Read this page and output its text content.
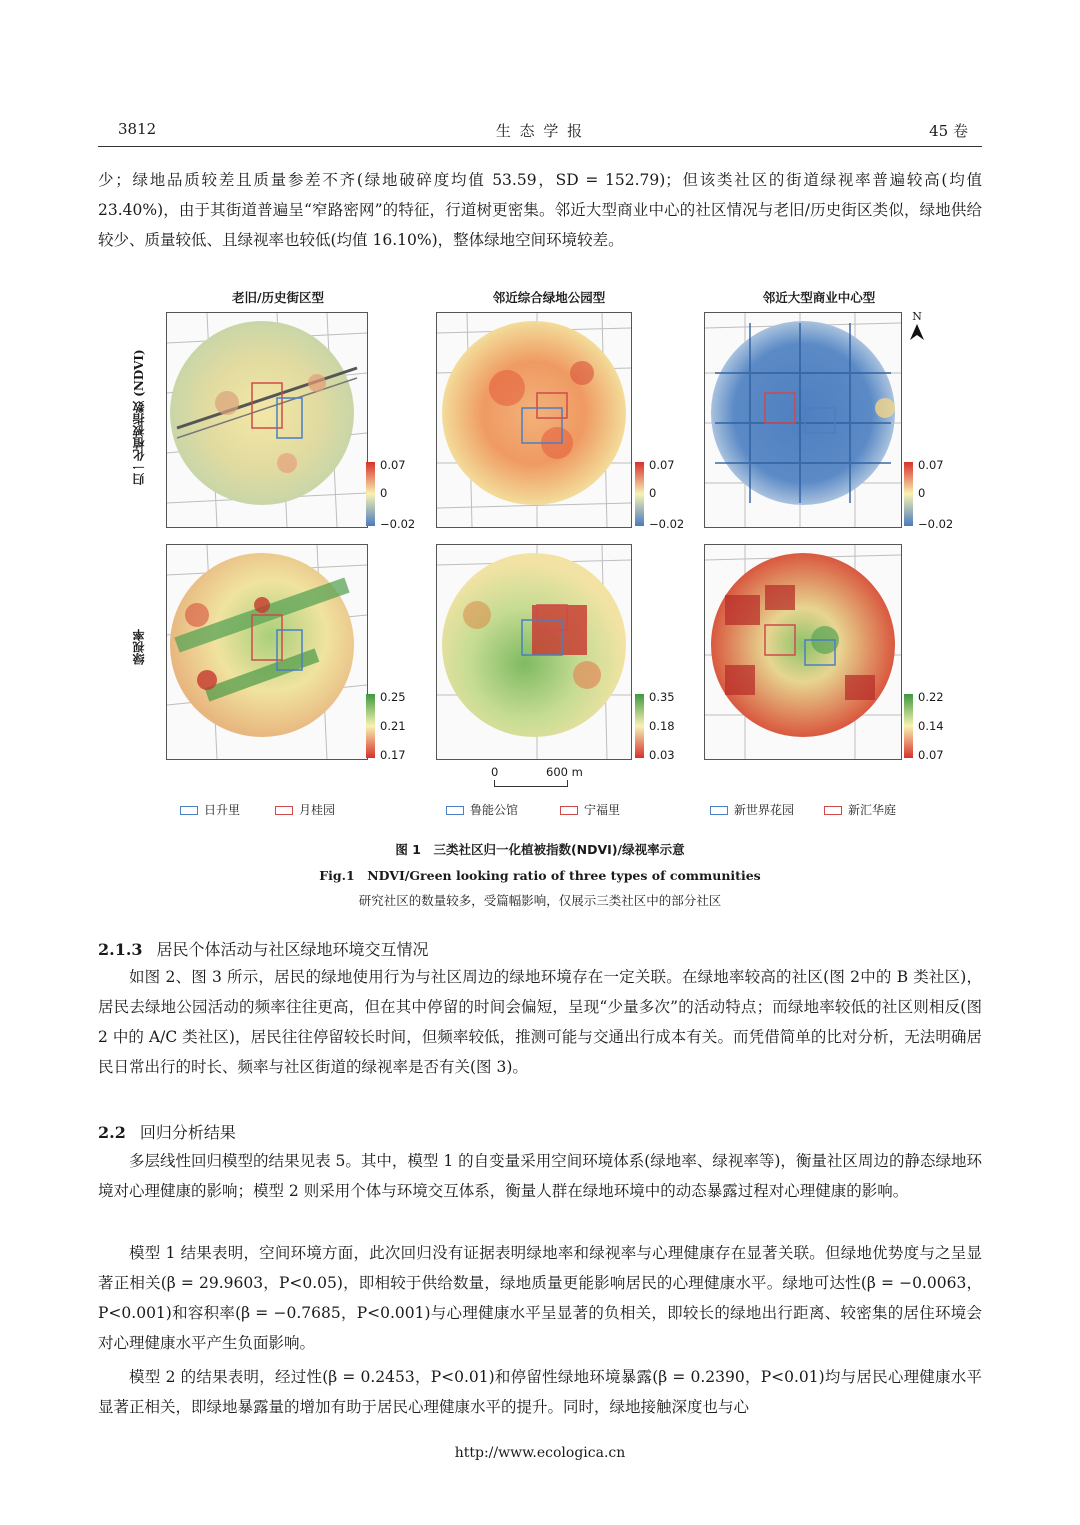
3812	生 态 学 报	45 卷
少；绿地品质较差且质量参差不齐(绿地破碎度均值 53.59，SD = 152.79)；但该类社区的街道绿视率普遍较高(均值 23.40%)，由于其街道普遍呈“窄路密网”的特征，行道树更密集。邻近大型商业中心的社区情况与老旧/历史街区类似，绿地供给较少、质量较低、且绿视率也较低(均值 16.10%)，整体绿地空间环境较差。
老旧/历史街区型	邻近综合绿地公园型	邻近大型商业中心型
归一化植被指数 (NDVI)
绿视率
N
0.07
0
−0.02
0.07
0
−0.02
0.07
0
−0.02
0.25
0.21
0.17
0.35
0.18
0.03
0.22
0.14
0.07
0	600 m
日升里	月桂园	鲁能公馆	宁福里	新世界花园	新汇华庭
图 1　三类社区归一化植被指数(NDVI)/绿视率示意
Fig.1　NDVI/Green looking ratio of three types of communities
研究社区的数量较多，受篇幅影响，仅展示三类社区中的部分社区
2.1.3 居民个体活动与社区绿地环境交互情况
如图 2、图 3 所示，居民的绿地使用行为与社区周边的绿地环境存在一定关联。在绿地率较高的社区(图 2中的 B 类社区)，居民去绿地公园活动的频率往往更高，但在其中停留的时间会偏短，呈现“少量多次”的活动特点；而绿地率较低的社区则相反(图 2 中的 A/C 类社区)，居民往往停留较长时间，但频率较低，推测可能与交通出行成本有关。而凭借简单的比对分析，无法明确居民日常出行的时长、频率与社区街道的绿视率是否有关(图 3)。
2.2 回归分析结果
多层线性回归模型的结果见表 5。其中，模型 1 的自变量采用空间环境体系(绿地率、绿视率等)，衡量社区周边的静态绿地环境对心理健康的影响；模型 2 则采用个体与环境交互体系，衡量人群在绿地环境中的动态暴露过程对心理健康的影响。
模型 1 结果表明，空间环境方面，此次回归没有证据表明绿地率和绿视率与心理健康存在显著关联。但绿地优势度与之呈显著正相关(β = 29.9603，P<0.05)，即相较于供给数量，绿地质量更能影响居民的心理健康水平。绿地可达性(β = −0.0063，P<0.001)和容积率(β = −0.7685，P<0.001)与心理健康水平呈显著的负相关，即较长的绿地出行距离、较密集的居住环境会对心理健康水平产生负面影响。
模型 2 的结果表明，经过性(β = 0.2453，P<0.01)和停留性绿地环境暴露(β = 0.2390，P<0.01)均与居民心理健康水平显著正相关，即绿地暴露量的增加有助于居民心理健康水平的提升。同时，绿地接触深度也与心
http://www.ecologica.cn
